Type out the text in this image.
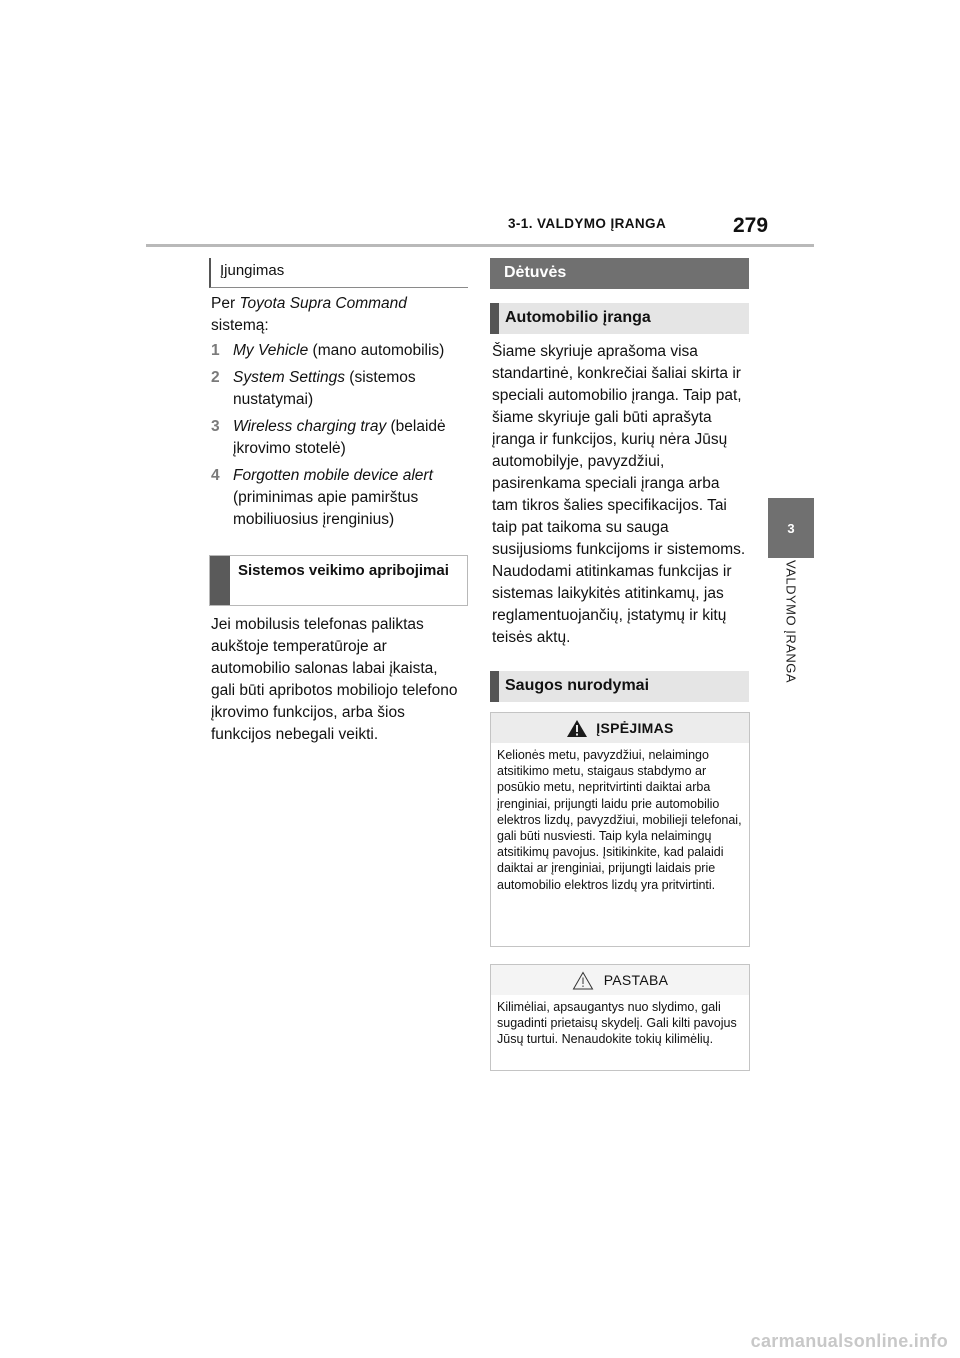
3-1. VALDYMO ĮRANGA	279
3
VALDYMO ĮRANGA
Įjungimas
Per Toyota Supra Command
sistemą:
1 My Vehicle (mano automobilis)
2 System Settings (sistemos nustatymai)
3 Wireless charging tray (belaidė įkrovimo stotelė)
4 Forgotten mobile device alert (priminimas apie pamirštus mobiliuosius įrenginius)
Sistemos veikimo apribojimai
Jei mobilusis telefonas paliktas aukštoje temperatūroje ar automobilio salonas labai įkaista, gali būti apribotos mobiliojo telefono įkrovimo funkcijos, arba šios funkcijos nebegali veikti.
Dėtuvės
Automobilio įranga
Šiame skyriuje aprašoma visa standartinė, konkrečiai šaliai skirta ir speciali automobilio įranga. Taip pat, šiame skyriuje gali būti aprašyta įranga ir funkcijos, kurių nėra Jūsų automobilyje, pavyzdžiui, pasirenkama speciali įranga arba tam tikros šalies specifikacijos. Tai taip pat taikoma su sauga susijusioms funkcijoms ir sistemoms. Naudodami atitinkamas funkcijas ir sistemas laikykitės atitinkamų, jas reglamentuojančių, įstatymų ir kitų teisės aktų.
Saugos nurodymai
ĮSPĖJIMAS
Kelionės metu, pavyzdžiui, nelaimingo atsitikimo metu, staigaus stabdymo ar posūkio metu, nepritvirtinti daiktai arba įrenginiai, prijungti laidu prie automobilio elektros lizdų, pavyzdžiui, mobilieji telefonai, gali būti nusviesti. Taip kyla nelaimingų atsitikimų pavojus. Įsitikinkite, kad palaidi daiktai ar įrenginiai, prijungti laidais prie automobilio elektros lizdų yra pritvirtinti.
PASTABA
Kilimėliai, apsaugantys nuo slydimo, gali sugadinti prietaisų skydelį. Gali kilti pavojus Jūsų turtui. Nenaudokite tokių kilimėlių.
carmanualsonline.info
